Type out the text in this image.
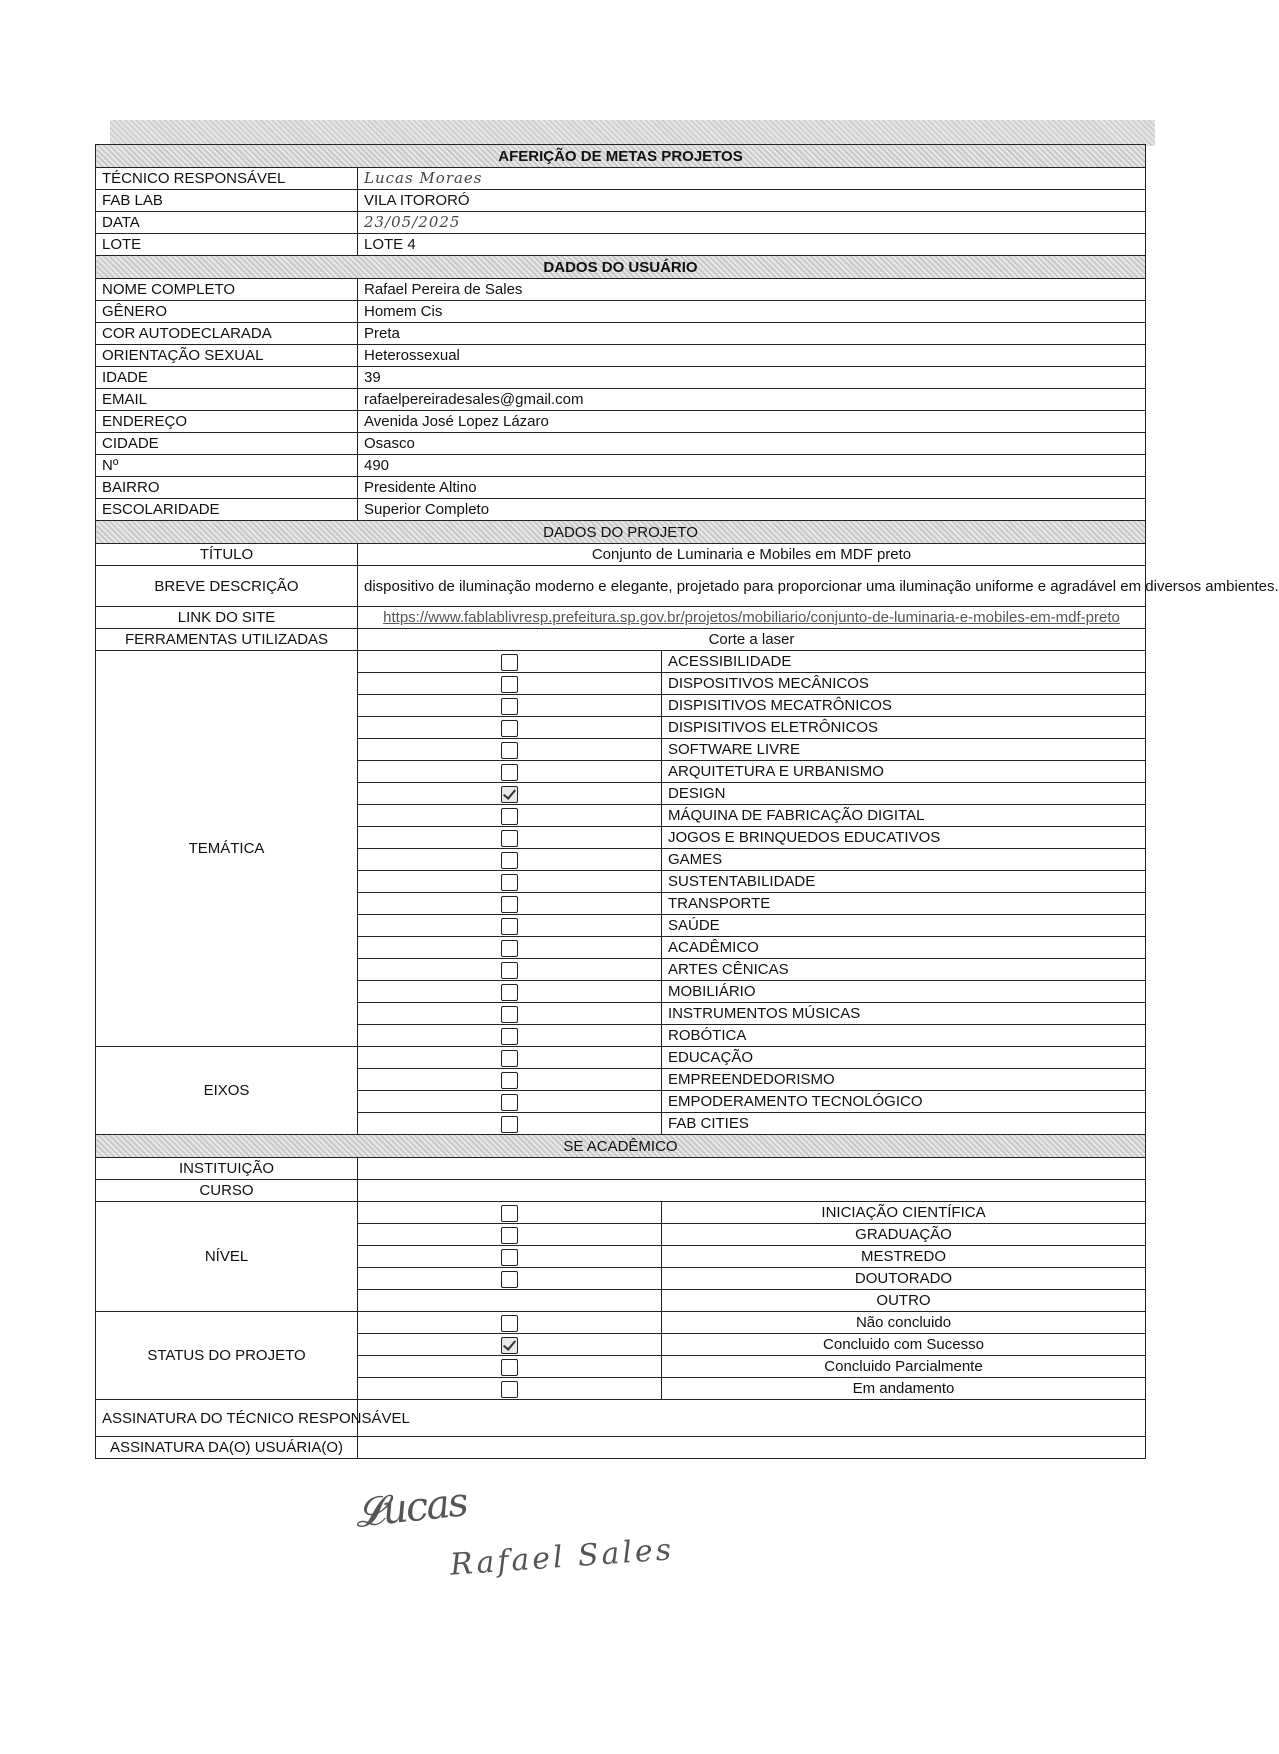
AFERIÇÃO DE METAS PROJETOS		
TÉCNICO RESPONSÁVEL	Lucas Moraes	
FAB LAB	VILA ITORORÓ	
DATA	23/05/2025	
LOTE	LOTE 4	
DADOS DO USUÁRIO		
NOME COMPLETO	Rafael Pereira de Sales	
GÊNERO	Homem Cis	
COR AUTODECLARADA	Preta	
ORIENTAÇÃO SEXUAL	Heterossexual	
IDADE	39	
EMAIL	rafaelpereiradesales@gmail.com	
ENDEREÇO	Avenida José Lopez Lázaro	
CIDADE	Osasco	
Nº	490	
BAIRRO	Presidente Altino	
ESCOLARIDADE	Superior Completo	
DADOS DO PROJETO		
TÍTULO	Conjunto de Luminaria e Mobiles em MDF preto	
BREVE DESCRIÇÃO	dispositivo de iluminação moderno e elegante, projetado para proporcionar uma iluminação uniforme e agradável em diversos ambientes.	
LINK DO SITE	https://www.fablablivresp.prefeitura.sp.gov.br/projetos/mobiliario/conjunto-de-luminaria-e-mobiles-em-mdf-preto	
FERRAMENTAS UTILIZADAS	Corte a laser	
TEMÁTICA		ACESSIBILIDADE
		DISPOSITIVOS MECÂNICOS
		DISPISITIVOS MECATRÔNICOS
		DISPISITIVOS ELETRÔNICOS
		SOFTWARE LIVRE
		ARQUITETURA E URBANISMO
		DESIGN
		MÁQUINA DE FABRICAÇÃO DIGITAL
		JOGOS E BRINQUEDOS EDUCATIVOS
		GAMES
		SUSTENTABILIDADE
		TRANSPORTE
		SAÚDE
		ACADÊMICO
		ARTES CÊNICAS
		MOBILIÁRIO
		INSTRUMENTOS MÚSICAS
		ROBÓTICA
EIXOS		EDUCAÇÃO
		EMPREENDEDORISMO
		EMPODERAMENTO TECNOLÓGICO
		FAB CITIES
SE ACADÊMICO		
INSTITUIÇÃO		
CURSO		
NÍVEL		INICIAÇÃO CIENTÍFICA
		GRADUAÇÃO
		MESTREDO
		DOUTORADO
		OUTRO
STATUS DO PROJETO		Não concluido
		Concluido com Sucesso
		Concluido Parcialmente
		Em andamento
ASSINATURA DO TÉCNICO RESPONSÁVEL		
ASSINATURA DA(O) USUÁRIA(O)		
𝓛ucas
Rafael Sales
